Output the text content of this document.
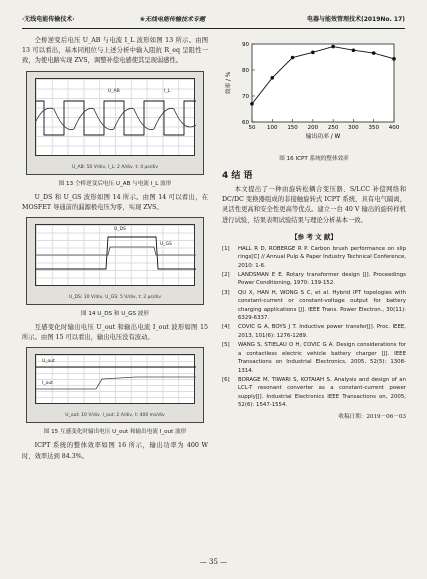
·无线电能传输技术·	❀无线电能传输技术专题	电器与能效管理技术(2019No. 17)

仝桥逆变后电压 U_AB 与电流 I_L 波形如图 13 所示。由图 13 可以看出，基本同相位与上述分析中输入阻抗 R_eq 呈阻性一致，为使电路实现 ZVS，调整补偿电感使其呈现弱感性。

U_AB	I_L
U_AB: 50 V/div, I_L: 2 A/div, t: 4 μs/div
图 13 仝桥逆变后电压 U_AB 与电流 I_L 波形

U_DS 和 U_GS 波形如图 14 所示。由图 14 可以看出，在 MOSFET 导通前的漏源极电压为零，实现 ZVS。

U_DS
U_GS
U_DS: 10 V/div, U_GS: 5 V/div, t: 2 μs/div
图 14 U_DS 和 U_GS 波形

互感变化时输出电压 U_out 和输出电流 I_out 波形如图 15 所示。由图 15 可以看出，输出电压没有波动。

U_out
I_out
U_out: 10 V/div, I_out: 2 A/div, t: 400 ms/div
图 15 互感变化时输出电压 U_out 和输出电流 I_out 波形

ICPT 系统的整体效率如图 16 所示，输出功率为 400 W 时，效率达到 84.3%。

60
70
80
90
50 100 150 200 250 300 350 400
输出功率 / W
效率 / %
图 16 ICPT 系统的整体效率
4 结 语

本文提出了一种由旋转松耦合变压器、S/LCC 补偿网络和 DC/DC 变换器组成的非接触旋转式 ICPT 系统，具有电气隔离，灵活性更高和安全性更高等优点。建立一台 40 V 输出的旋转样机进行试验，结果表明试验结果与理论分析基本一致。

【参 考 文 献】
[1]	HALL R D, ROBERGE R P. Carbon brush performance on slip rings[C] // Annual Pulp & Paper Industry Technical Conference, 2010: 1-6.
[2]	LANDSMAN E E. Rotary transformer design [J]. Proceedings Power Conditioning, 1970: 139-152.
[3]	QU X, HAN H, WONG S C, et al. Hybrid IPT topologies with constant-current or constant-voltage output for battery charging applications [J]. IEEE Trans. Power Electron., 30(11): 6329-6337.
[4]	COVIC G A, BOYS J T. Inductive power transfer[J]. Proc. IEEE, 2013, 101(6): 1276-1289.
[5]	WANG S, STIELAU O H, COVIC G A. Design considerations for a contactless electric vehicle battery charger [J]. IEEE Transactions on Industrial Electronics, 2005, 52(5): 1308-1314.
[6]	BORAGE M, TIWARI S, KOTAIAH S. Analysis and design of an LCL-T resonant converter as a constant-current power supply[J]. Industrial Electronics IEEE Transactions on, 2005, 52(6): 1547-1554.
收稿日期：2019－06－03
— 35 —
